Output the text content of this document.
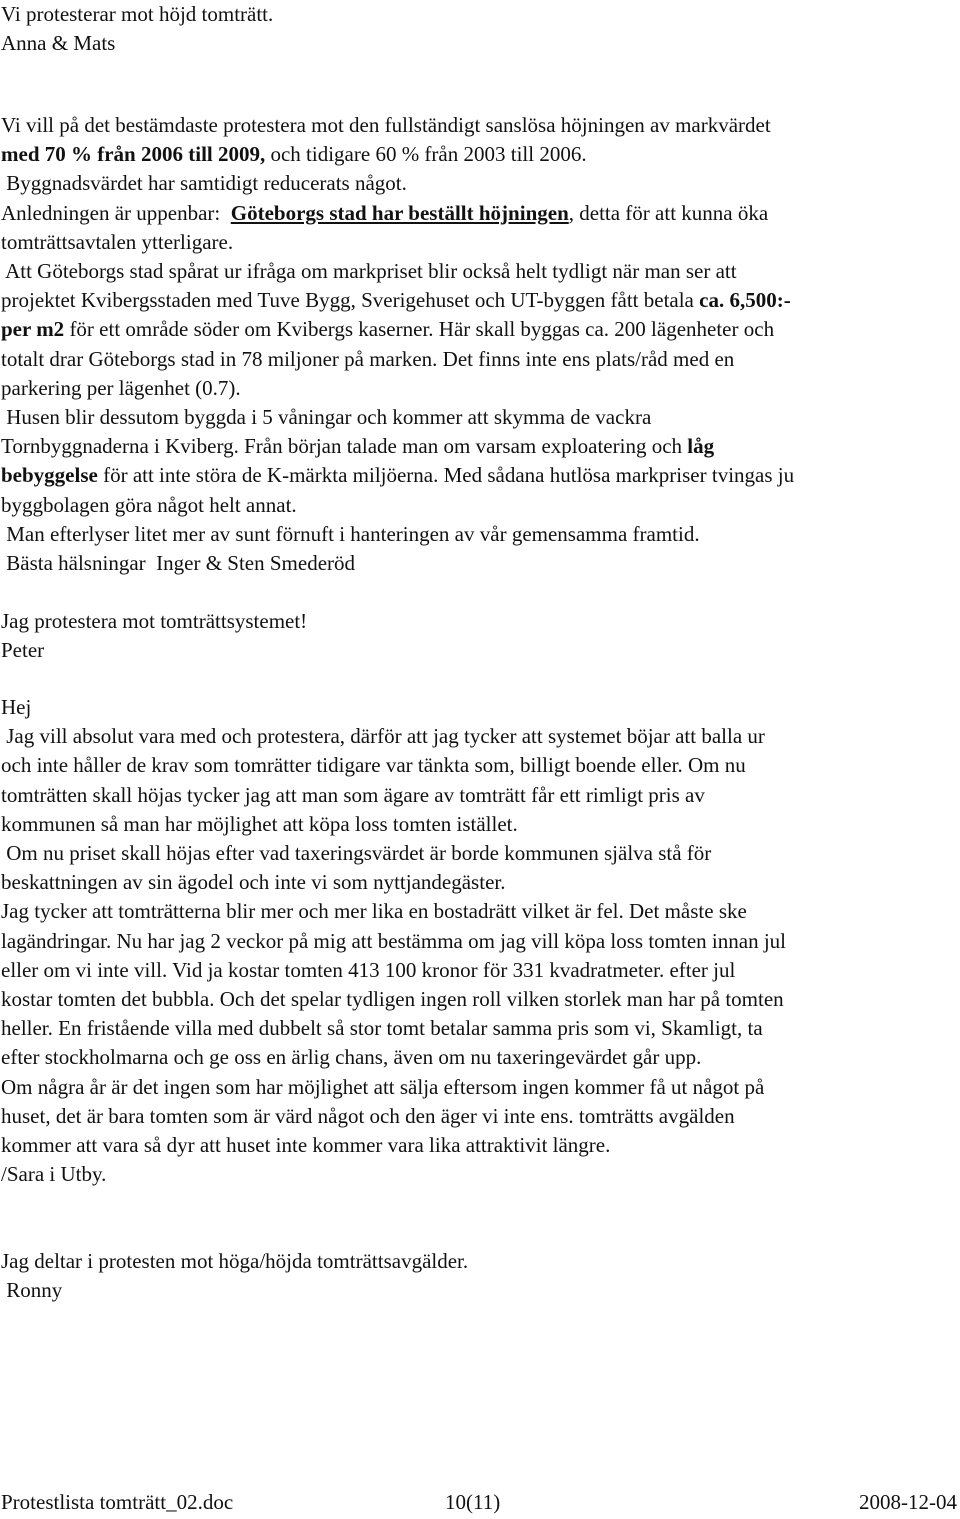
Vi protesterar mot höjd tomträtt.
Anna & Mats
Vi vill på det bestämdaste protestera mot den fullständigt sanslösa höjningen av markvärdet
med 70 % från 2006 till 2009, och tidigare 60 % från 2003 till 2006.
Byggnadsvärdet har samtidigt reducerats något.
Anledningen är uppenbar:  Göteborgs stad har beställt höjningen, detta för att kunna öka
tomträttsavtalen ytterligare.
Att Göteborgs stad spårat ur ifråga om markpriset blir också helt tydligt när man ser att
projektet Kvibergsstaden med Tuve Bygg, Sverigehuset och UT-byggen fått betala ca. 6,500:-
per m2 för ett område söder om Kvibergs kaserner. Här skall byggas ca. 200 lägenheter och
totalt drar Göteborgs stad in 78 miljoner på marken. Det finns inte ens plats/råd med en
parkering per lägenhet (0.7).
Husen blir dessutom byggda i 5 våningar och kommer att skymma de vackra
Tornbyggnaderna i Kviberg. Från början talade man om varsam exploatering och låg
bebyggelse för att inte störa de K-märkta miljöerna. Med sådana hutlösa markpriser tvingas ju
byggbolagen göra något helt annat.
Man efterlyser litet mer av sunt förnuft i hanteringen av vår gemensamma framtid.
Bästa hälsningar  Inger & Sten Smederöd
Jag protestera mot tomträttsystemet!
Peter
Hej
Jag vill absolut vara med och protestera, därför att jag tycker att systemet böjar att balla ur
och inte håller de krav som tomrätter tidigare var tänkta som, billigt boende eller. Om nu
tomträtten skall höjas tycker jag att man som ägare av tomträtt får ett rimligt pris av
kommunen så man har möjlighet att köpa loss tomten istället.
Om nu priset skall höjas efter vad taxeringsvärdet är borde kommunen själva stå för
beskattningen av sin ägodel och inte vi som nyttjandegäster.
Jag tycker att tomträtterna blir mer och mer lika en bostadrätt vilket är fel. Det måste ske
lagändringar. Nu har jag 2 veckor på mig att bestämma om jag vill köpa loss tomten innan jul
eller om vi inte vill. Vid ja kostar tomten 413 100 kronor för 331 kvadratmeter. efter jul
kostar tomten det bubbla. Och det spelar tydligen ingen roll vilken storlek man har på tomten
heller. En fristående villa med dubbelt så stor tomt betalar samma pris som vi, Skamligt, ta
efter stockholmarna och ge oss en ärlig chans, även om nu taxeringevärdet går upp.
Om några år är det ingen som har möjlighet att sälja eftersom ingen kommer få ut något på
huset, det är bara tomten som är värd något och den äger vi inte ens. tomträtts avgälden
kommer att vara så dyr att huset inte kommer vara lika attraktivit längre.
/Sara i Utby.
Jag deltar i protesten mot höga/höjda tomträttsavgälder.
Ronny
Protestlista tomträtt_02.doc	10(11)	2008-12-04
